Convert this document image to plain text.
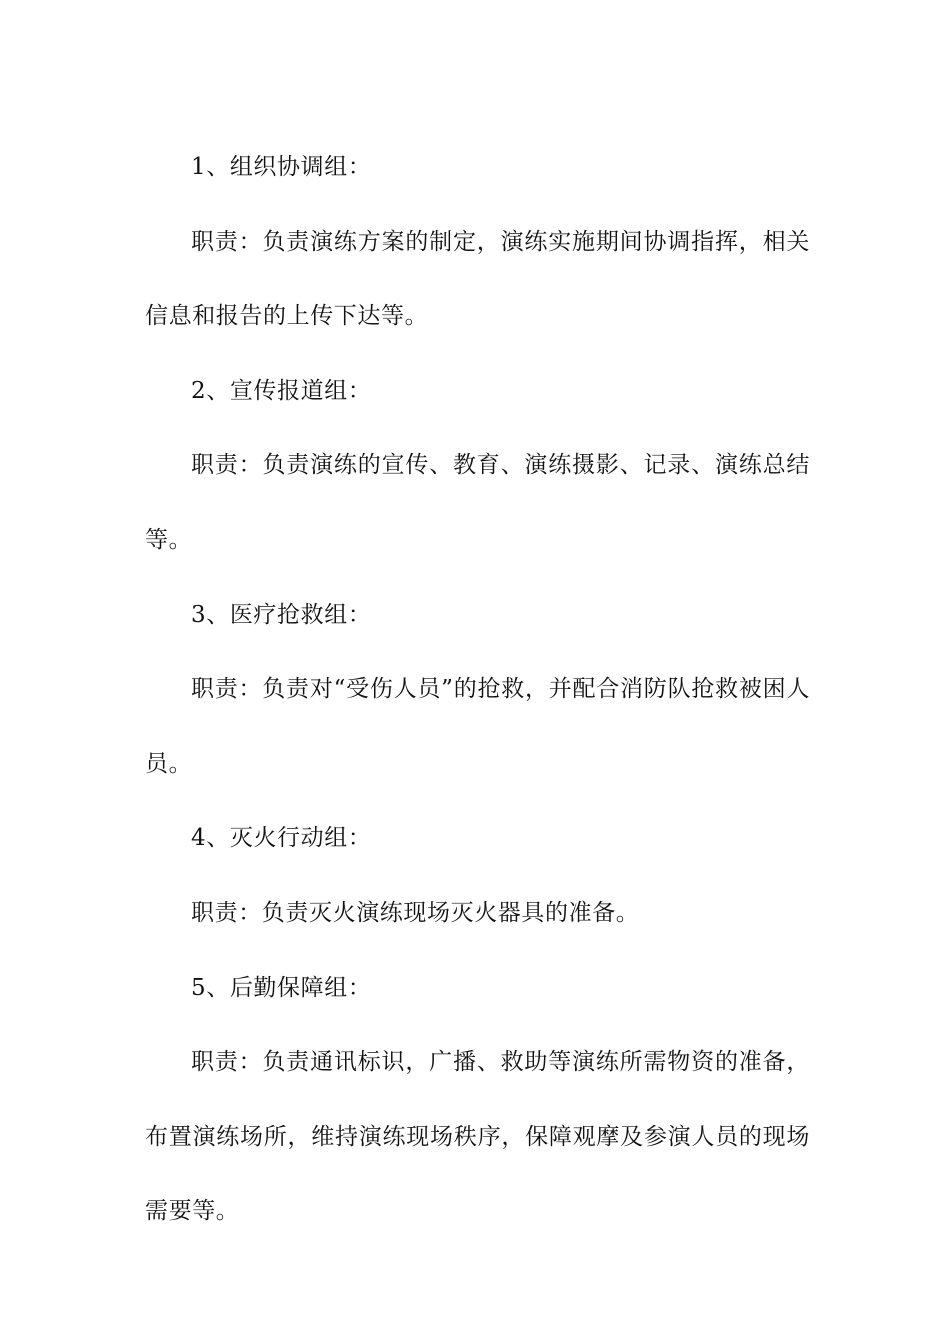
1、组织协调组：

职责：负责演练方案的制定，演练实施期间协调指挥，相关信息和报告的上传下达等。

2、宣传报道组：

职责：负责演练的宣传、教育、演练摄影、记录、演练总结等。

3、医疗抢救组：

职责：负责对“受伤人员”的抢救，并配合消防队抢救被困人员。

4、灭火行动组：

职责：负责灭火演练现场灭火器具的准备。

5、后勤保障组：

职责：负责通讯标识，广播、救助等演练所需物资的准备，布置演练场所，维持演练现场秩序，保障观摩及参演人员的现场需要等。
